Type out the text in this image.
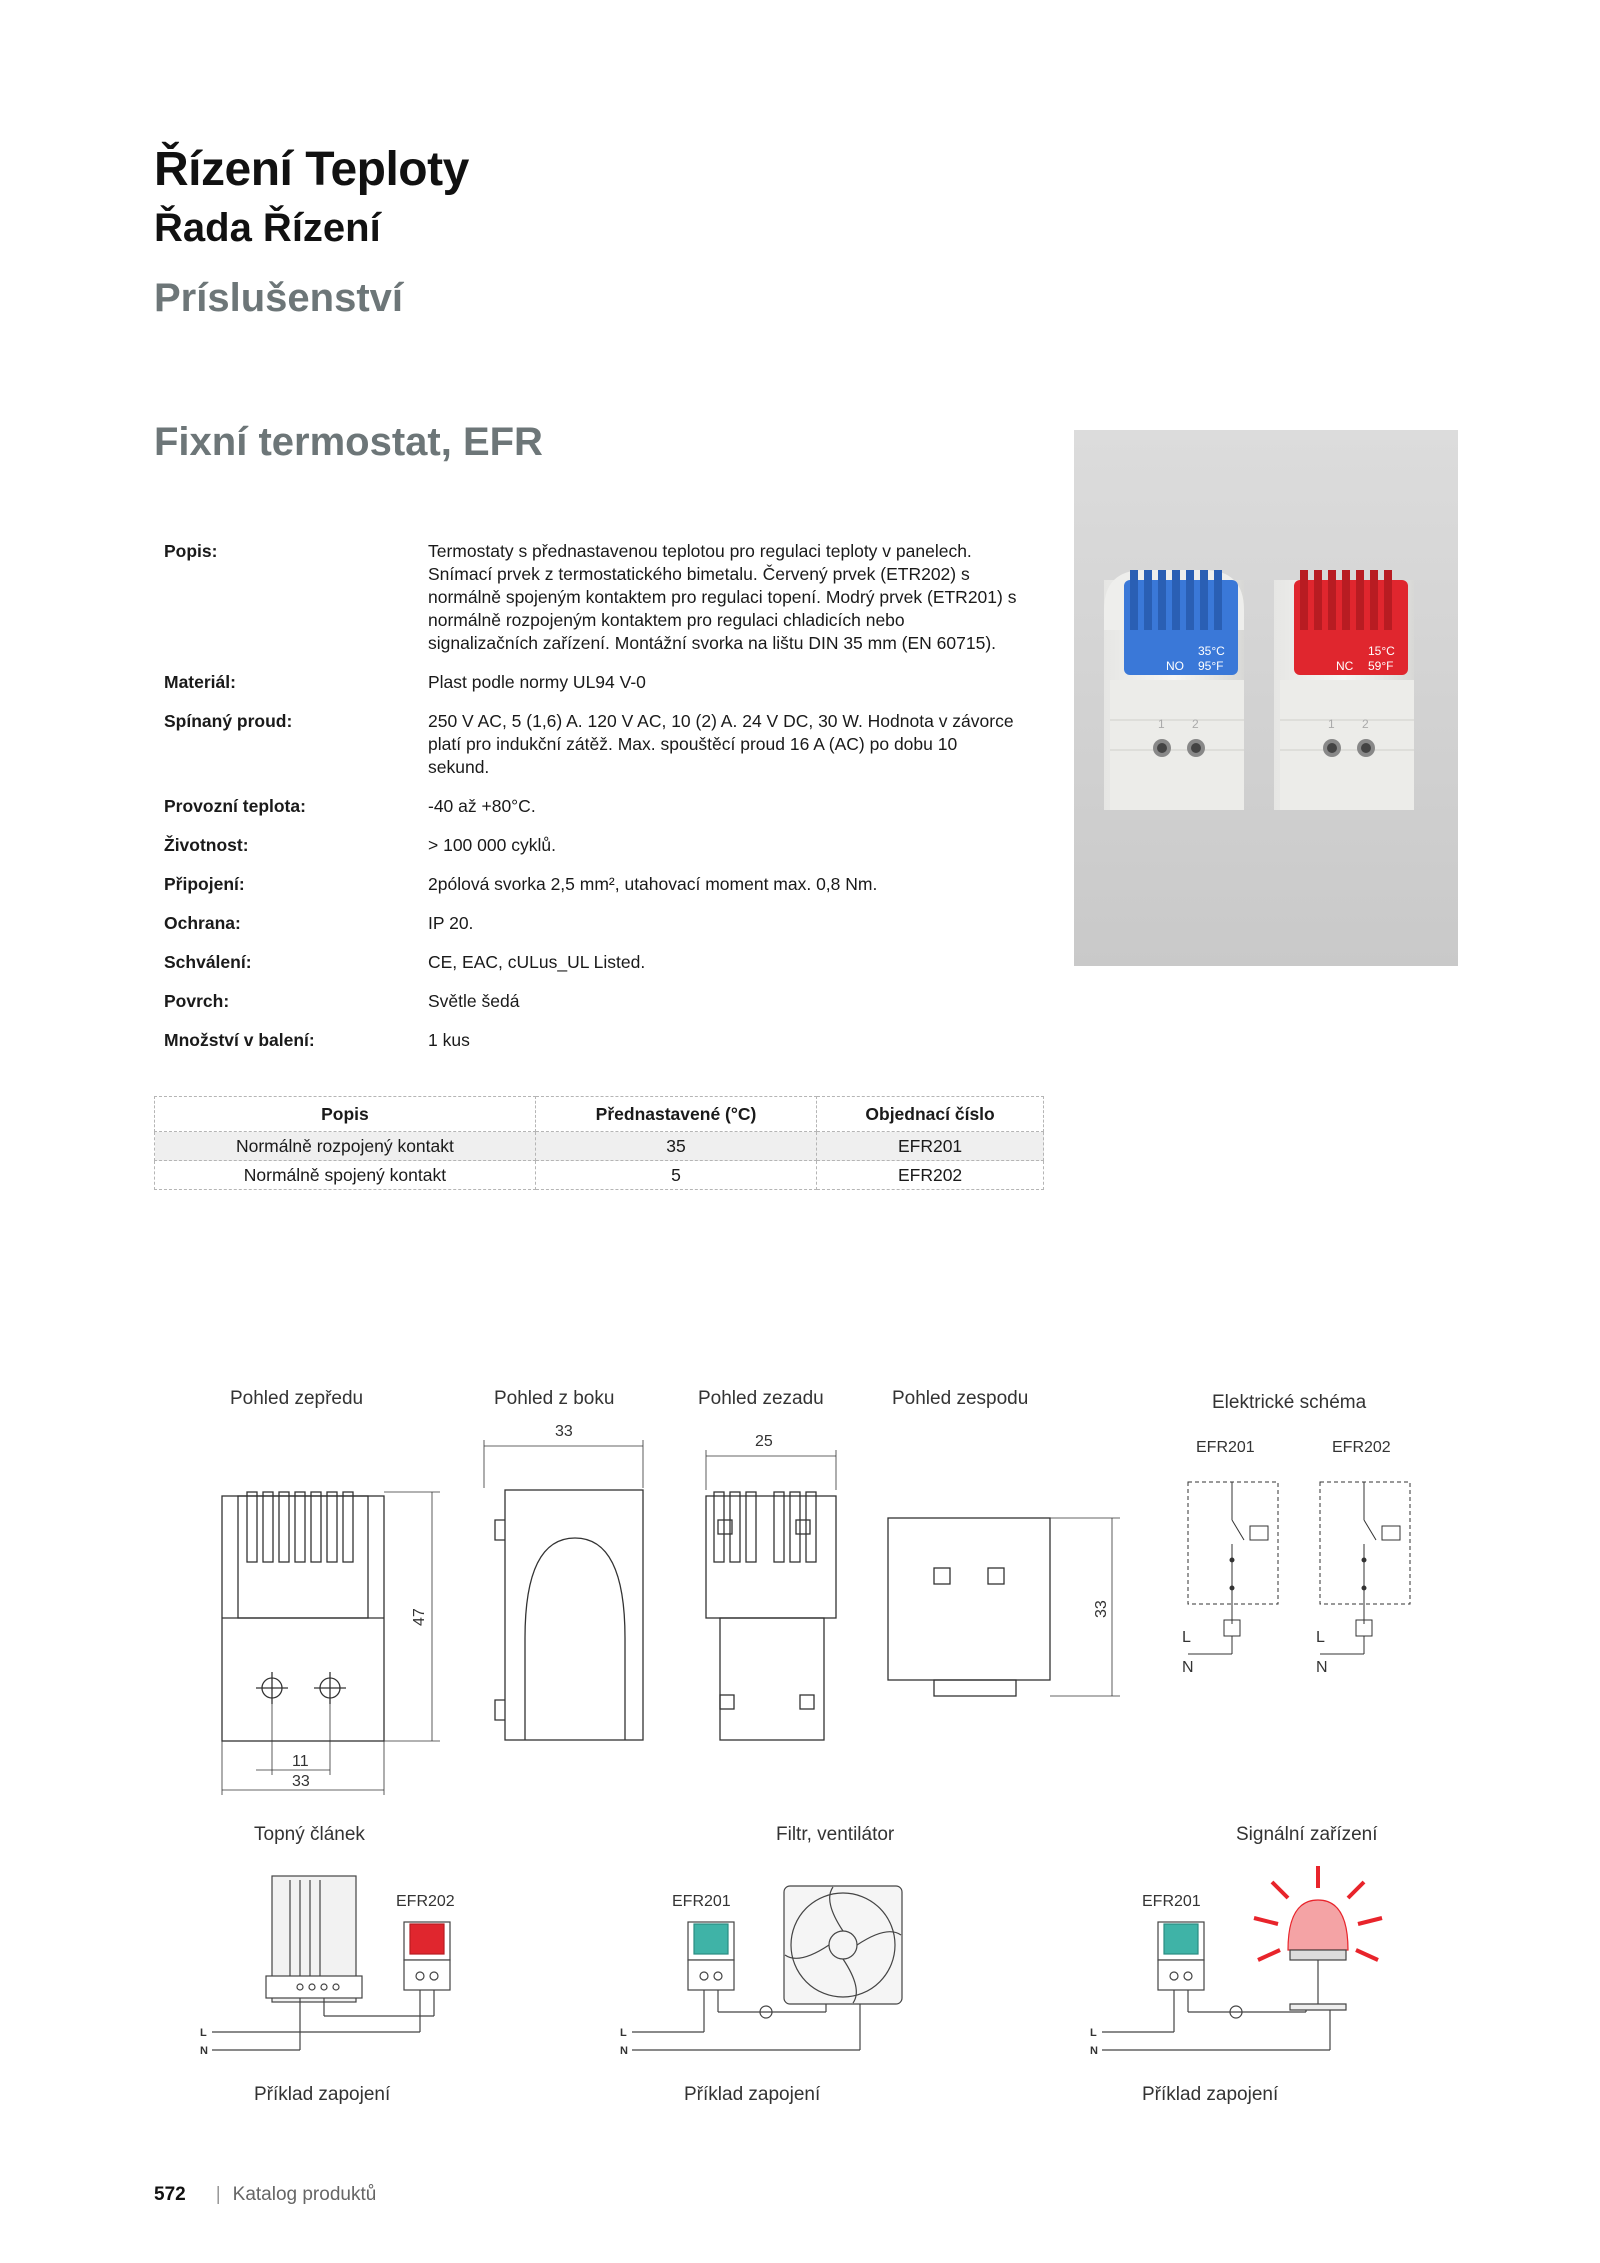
Řízení Teploty
Řada Řízení
Príslušenství
Fixní termostat, EFR
Popis:	Termostaty s přednastavenou teplotou pro regulaci teploty v panelech. Snímací prvek z termostatického bimetalu. Červený prvek (ETR202) s normálně spojeným kontaktem pro regulaci topení. Modrý prvek (ETR201) s normálně rozpojeným kontaktem pro regulaci chladicích nebo signalizačních zařízení. Montážní svorka na lištu DIN 35 mm (EN 60715).
Materiál:	Plast podle normy UL94 V-0
Spínaný proud:	250 V AC, 5 (1,6) A. 120 V AC, 10 (2) A. 24 V DC, 30 W. Hodnota v závorce platí pro indukční zátěž. Max. spouštěcí proud 16 A (AC) po dobu 10 sekund.
Provozní teplota:	-40 až +80°C.
Životnost:	> 100 000 cyklů.
Připojení:	2pólová svorka 2,5 mm², utahovací moment max. 0,8 Nm.
Ochrana:	IP 20.
Schválení:	CE, EAC, cULus_UL Listed.
Povrch:	Světle šedá
Množství v balení:	1 kus
Popis	Přednastavené (°C)	Objednací číslo
Normálně rozpojený kontakt	35	EFR201
Normálně spojený kontakt	5	EFR202
35°C
95°F
NO
1 2
15°C
59°F
NC
1 2
Pohled zepředu	Pohled z boku	Pohled zezadu	Pohled zespodu	Elektrické schéma
33
25
47
11
33
33
EFR201	EFR202
L
N
L
N
Topný článek	Filtr, ventilátor	Signální zařízení
Příklad zapojení	Příklad zapojení	Příklad zapojení
EFR202	EFR201	EFR201
L
N
L
N
L
N
572 | Katalog produktů
